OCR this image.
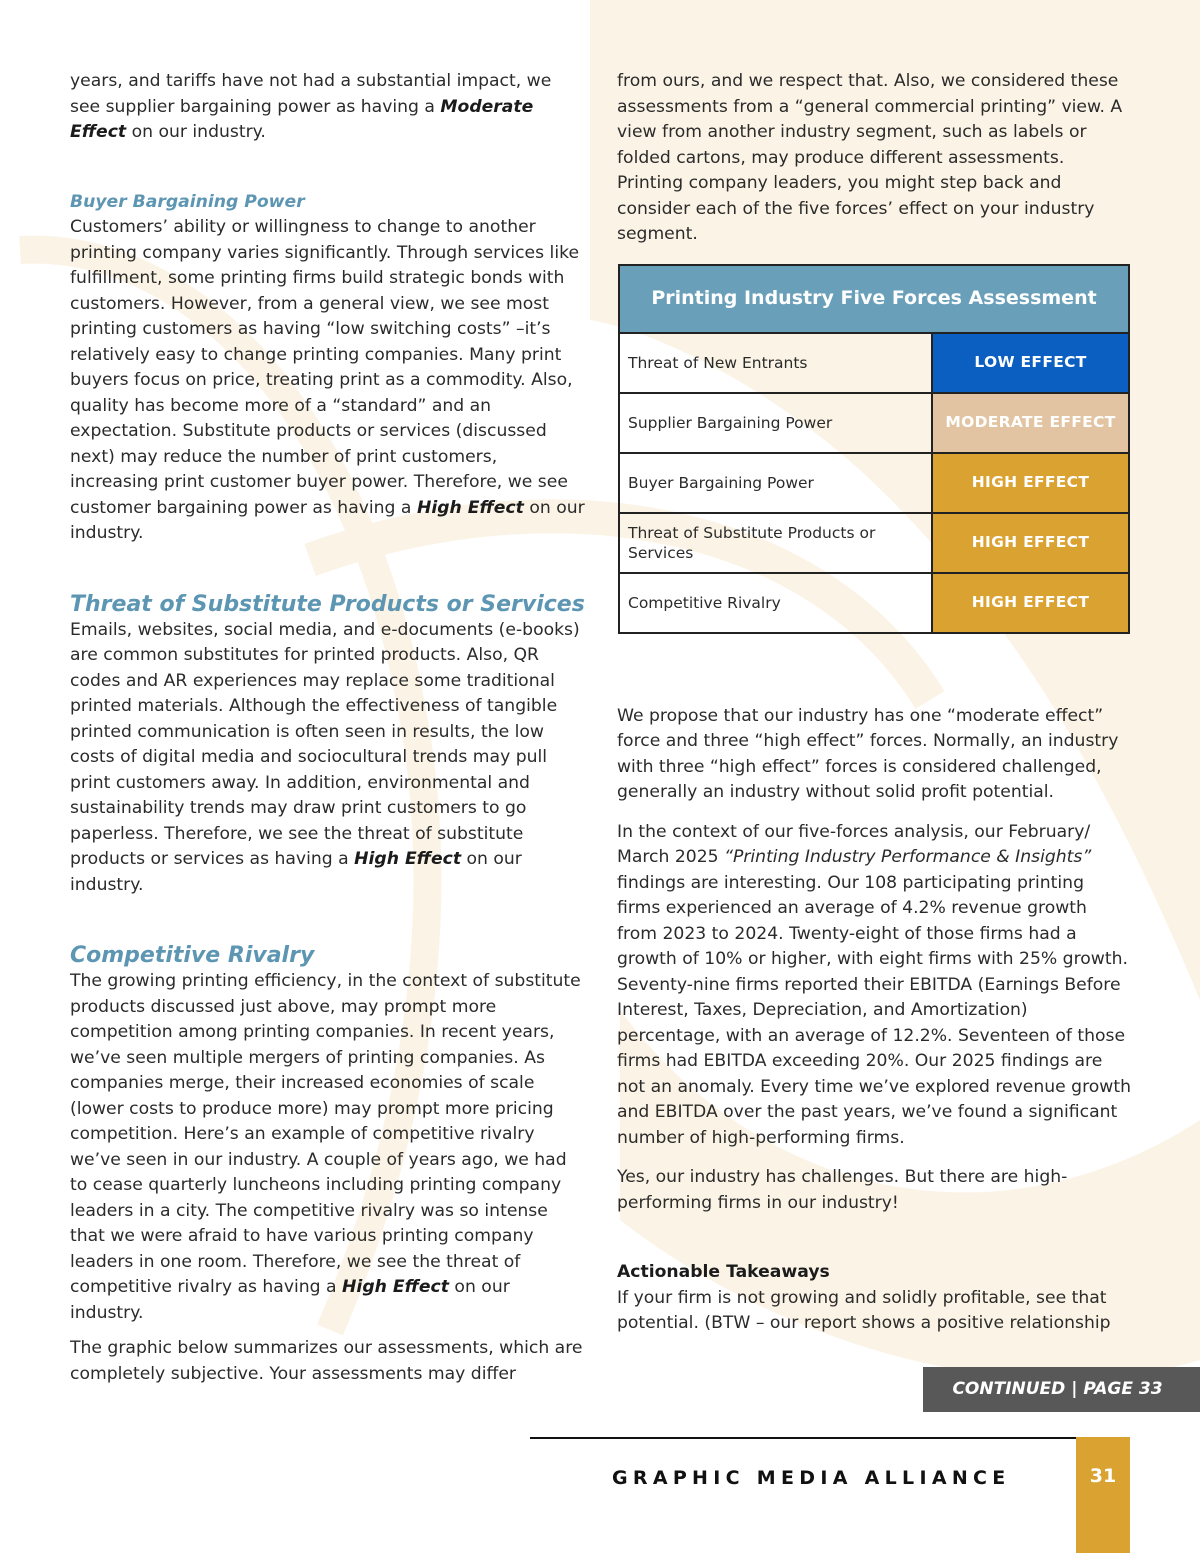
years, and tariffs have not had a substantial impact, we see supplier bargaining power as having a Moderate Effect on our industry.

Buyer Bargaining Power

Customers’ ability or willingness to change to another printing company varies significantly. Through services like fulfillment, some printing firms build strategic bonds with customers. However, from a general view, we see most printing customers as having “low switching costs” –it’s relatively easy to change printing companies. Many print buyers focus on price, treating print as a commodity. Also, quality has become more of a “standard” and an expectation. Substitute products or services (discussed next) may reduce the number of print customers, increasing print customer buyer power. Therefore, we see customer bargaining power as having a High Effect on our industry.

Threat of Substitute Products or Services

Emails, websites, social media, and e-documents (e-books) are common substitutes for printed products. Also, QR codes and AR experiences may replace some traditional printed materials. Although the effectiveness of tangible printed communication is often seen in results, the low costs of digital media and sociocultural trends may pull print customers away. In addition, environmental and sustainability trends may draw print customers to go paperless. Therefore, we see the threat of substitute products or services as having a High Effect on our industry.

Competitive Rivalry

The growing printing efficiency, in the context of substitute products discussed just above, may prompt more competition among printing companies. In recent years, we’ve seen multiple mergers of printing companies. As companies merge, their increased economies of scale (lower costs to produce more) may prompt more pricing competition. Here’s an example of competitive rivalry we’ve seen in our industry. A couple of years ago, we had to cease quarterly luncheons including printing company leaders in a city. The competitive rivalry was so intense that we were afraid to have various printing company leaders in one room. Therefore, we see the threat of competitive rivalry as having a High Effect on our industry.

The graphic below summarizes our assessments, which are completely subjective. Your assessments may differ

from ours, and we respect that. Also, we considered these assessments from a “general commercial printing” view. A view from another industry segment, such as labels or folded cartons, may produce different assessments. Printing company leaders, you might step back and consider each of the five forces’ effect on your industry segment.

Printing Industry Five Forces Assessment	
Threat of New Entrants	LOW EFFECT
Supplier Bargaining Power	MODERATE EFFECT
Buyer Bargaining Power	HIGH EFFECT
Threat of Substitute Products or Services	HIGH EFFECT
Competitive Rivalry	HIGH EFFECT

We propose that our industry has one “moderate effect” force and three “high effect” forces. Normally, an industry with three “high effect” forces is considered challenged, generally an industry without solid profit potential.

In the context of our five-forces analysis, our February/ March 2025 “Printing Industry Performance & Insights” findings are interesting. Our 108 participating printing firms experienced an average of 4.2% revenue growth from 2023 to 2024. Twenty-eight of those firms had a growth of 10% or higher, with eight firms with 25% growth. Seventy-nine firms reported their EBITDA (Earnings Before Interest, Taxes, Depreciation, and Amortization) percentage, with an average of 12.2%. Seventeen of those firms had EBITDA exceeding 20%. Our 2025 findings are not an anomaly. Every time we’ve explored revenue growth and EBITDA over the past years, we’ve found a significant number of high-performing firms.

Yes, our industry has challenges. But there are high-performing firms in our industry!

Actionable Takeaways

If your firm is not growing and solidly profitable, see that potential. (BTW – our report shows a positive relationship

CONTINUED | PAGE 33
GRAPHIC MEDIA ALLIANCE	31
